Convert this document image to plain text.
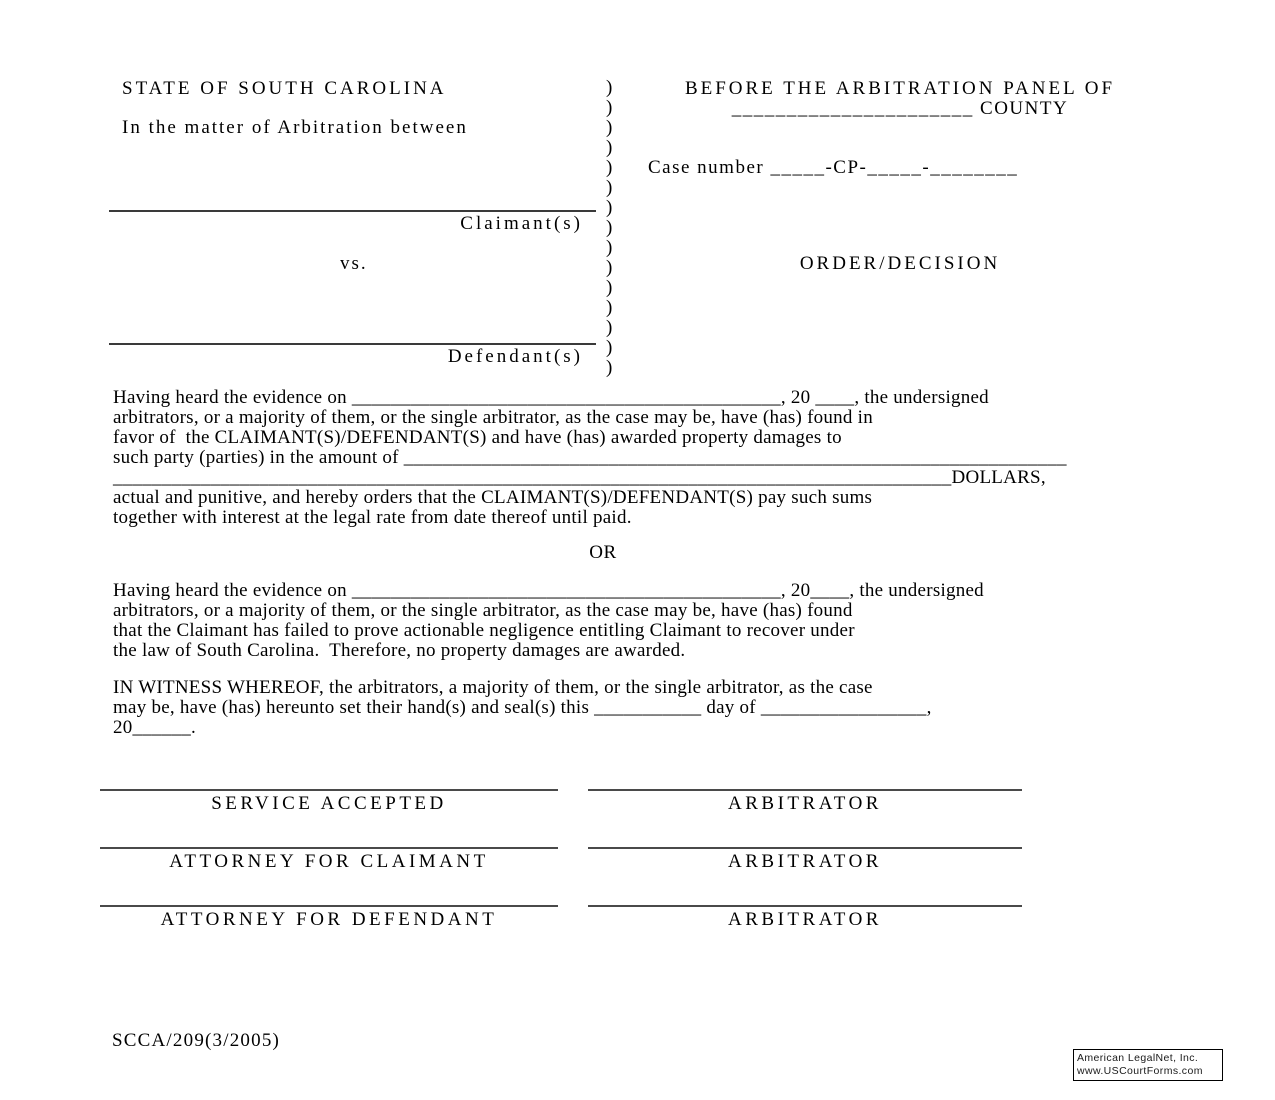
STATE OF SOUTH CAROLINA	BEFORE THE ARBITRATION PANEL OF
______________________ COUNTY
In the matter of Arbitration between
Case number _____-CP-_____-________
Claimant(s)
vs.	ORDER/DECISION
Defendant(s)
)
)
)
)
)
)
)
)
)
)
)
)
)
)
)
Having heard the evidence on ____________________________________________, 20 ____, the undersigned
arbitrators, or a majority of them, or the single arbitrator, as the case may be, have (has) found in
favor of  the CLAIMANT(S)/DEFENDANT(S) and have (has) awarded property damages to
such party (parties) in the amount of ____________________________________________________________________
______________________________________________________________________________________DOLLARS,
actual and punitive, and hereby orders that the CLAIMANT(S)/DEFENDANT(S) pay such sums
together with interest at the legal rate from date thereof until paid.
OR
Having heard the evidence on ____________________________________________, 20____, the undersigned
arbitrators, or a majority of them, or the single arbitrator, as the case may be, have (has) found
that the Claimant has failed to prove actionable negligence entitling Claimant to recover under
the law of South Carolina.  Therefore, no property damages are awarded.
IN WITNESS WHEREOF, the arbitrators, a majority of them, or the single arbitrator, as the case
may be, have (has) hereunto set their hand(s) and seal(s) this ___________ day of _________________,
20______.
SERVICE ACCEPTED	ARBITRATOR
ATTORNEY FOR CLAIMANT	ARBITRATOR
ATTORNEY FOR DEFENDANT	ARBITRATOR
SCCA/209(3/2005)
American LegalNet, Inc.
www.USCourtForms.com
